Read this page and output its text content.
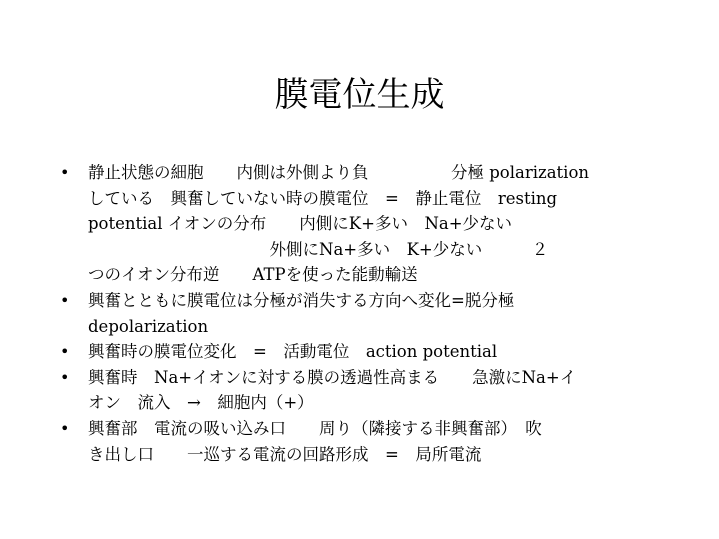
膜電位生成
•	静止状態の細胞　　内側は外側より負　　　　　分極 polarization
している　興奮していない時の膜電位　=　静止電位　resting
potential イオンの分布　　内側にK+多い　Na+少ない
　　　　　　　　　　　外側にNa+多い　K+少ない　　　２
つのイオン分布逆　　ATPを使った能動輸送
•	興奮とともに膜電位は分極が消失する方向へ変化=脱分極
depolarization
•	興奮時の膜電位変化　=　活動電位　action potential
•	興奮時　Na+イオンに対する膜の透過性高まる　　急激にNa+イ
オン　流入　→　細胞内（+）
•	興奮部　電流の吸い込み口　　周り（隣接する非興奮部）　吹
き出し口　　一巡する電流の回路形成　=　局所電流
